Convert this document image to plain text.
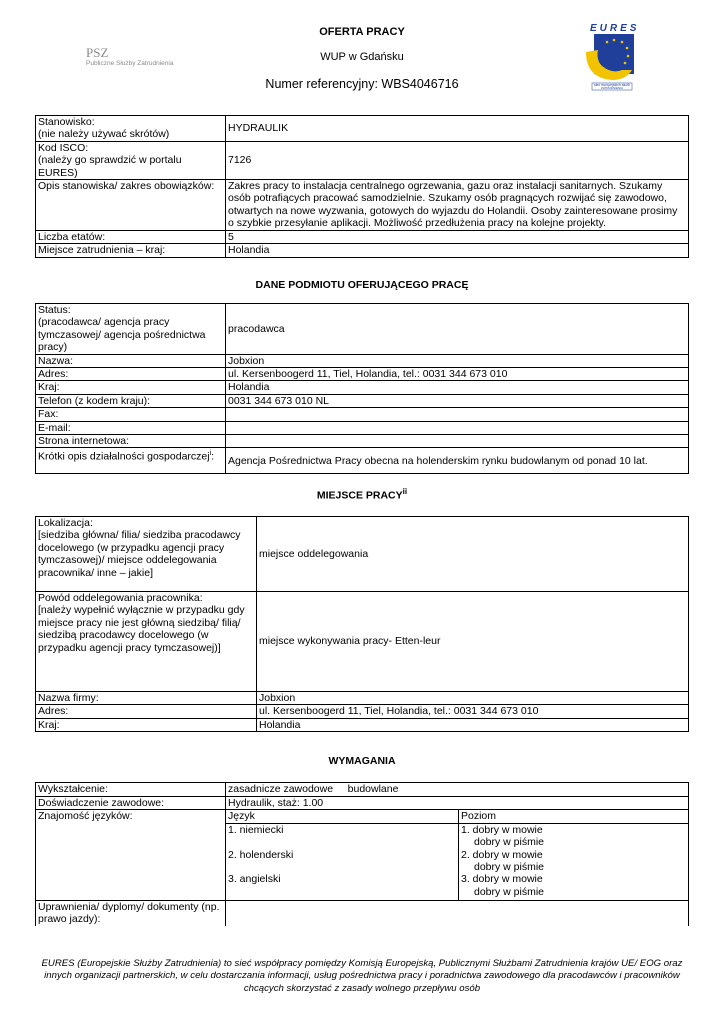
PSZ
Publiczne Służby Zatrudnienia
OFERTA PRACY
WUP w Gdańsku
Numer referencyjny: WBS4046716
EURES
sieć europejskich służb
ZATRUDNIENIA
Stanowisko:
(nie należy używać skrótów)	HYDRAULIK
Kod ISCO:
(należy go sprawdzić w portalu EURES)	7126
Opis stanowiska/ zakres obowiązków:	Zakres pracy to instalacja centralnego ogrzewania, gazu oraz instalacji sanitarnych. Szukamy osób potrafiących pracować samodzielnie. Szukamy osób pragnących rozwijać się zawodowo, otwartych na nowe wyzwania, gotowych do wyjazdu do Holandii. Osoby zainteresowane prosimy o szybkie przesyłanie aplikacji. Możliwość przedłużenia pracy na kolejne projekty.
Liczba etatów:	5
Miejsce zatrudnienia – kraj:	Holandia
DANE PODMIOTU OFERUJĄCEGO PRACĘ
Status:
(pracodawca/ agencja pracy tymczasowej/ agencja pośrednictwa pracy)	pracodawca
Nazwa:	Jobxion
Adres:	ul. Kersenboogerd 11, Tiel, Holandia, tel.: 0031 344 673 010
Kraj:	Holandia
Telefon (z kodem kraju):	0031 344 673 010 NL
Fax:	
E-mail:	
Strona internetowa:	
Krótki opis działalności gospodarczej$^i$:	Agencja Pośrednictwa Pracy obecna na holenderskim rynku budowlanym od ponad 10 lat.
MIEJSCE PRACY$^{ii}$
Lokalizacja:
[siedziba główna/ filia/ siedziba pracodawcy docelowego (w przypadku agencji pracy tymczasowej)/ miejsce oddelegowania pracownika/ inne – jakie]	miejsce oddelegowania
Powód oddelegowania pracownika:
[należy wypełnić wyłącznie w przypadku gdy miejsce pracy nie jest główną siedzibą/ filią/ siedzibą pracodawcy docelowego (w przypadku agencji pracy tymczasowej)]	miejsce wykonywania pracy- Etten-leur
Nazwa firmy:	Jobxion
Adres:	ul. Kersenboogerd 11, Tiel, Holandia, tel.: 0031 344 673 010
Kraj:	Holandia
WYMAGANIA
Wykształcenie:	zasadnicze zawodowe     budowlane	
Doświadczenie zawodowe:	Hydraulik, staż: 1.00	
Znajomość języków:	Język	Poziom
	1. niemiecki	1. dobry w mowie
dobry w piśmie

	2. holenderski	2. dobry w mowie
dobry w piśmie

	3. angielski	3. dobry w mowie
dobry w piśmie

Uprawnienia/ dyplomy/ dokumenty (np. prawo jazdy):		
EURES (Europejskie Służby Zatrudnienia) to sieć współpracy pomiędzy Komisją Europejską, Publicznymi Służbami Zatrudnienia krajów UE/ EOG oraz innych organizacji partnerskich, w celu dostarczania informacji, usług pośrednictwa pracy i poradnictwa zawodowego dla pracodawców i pracowników chcących skorzystać z zasady wolnego przepływu osób
